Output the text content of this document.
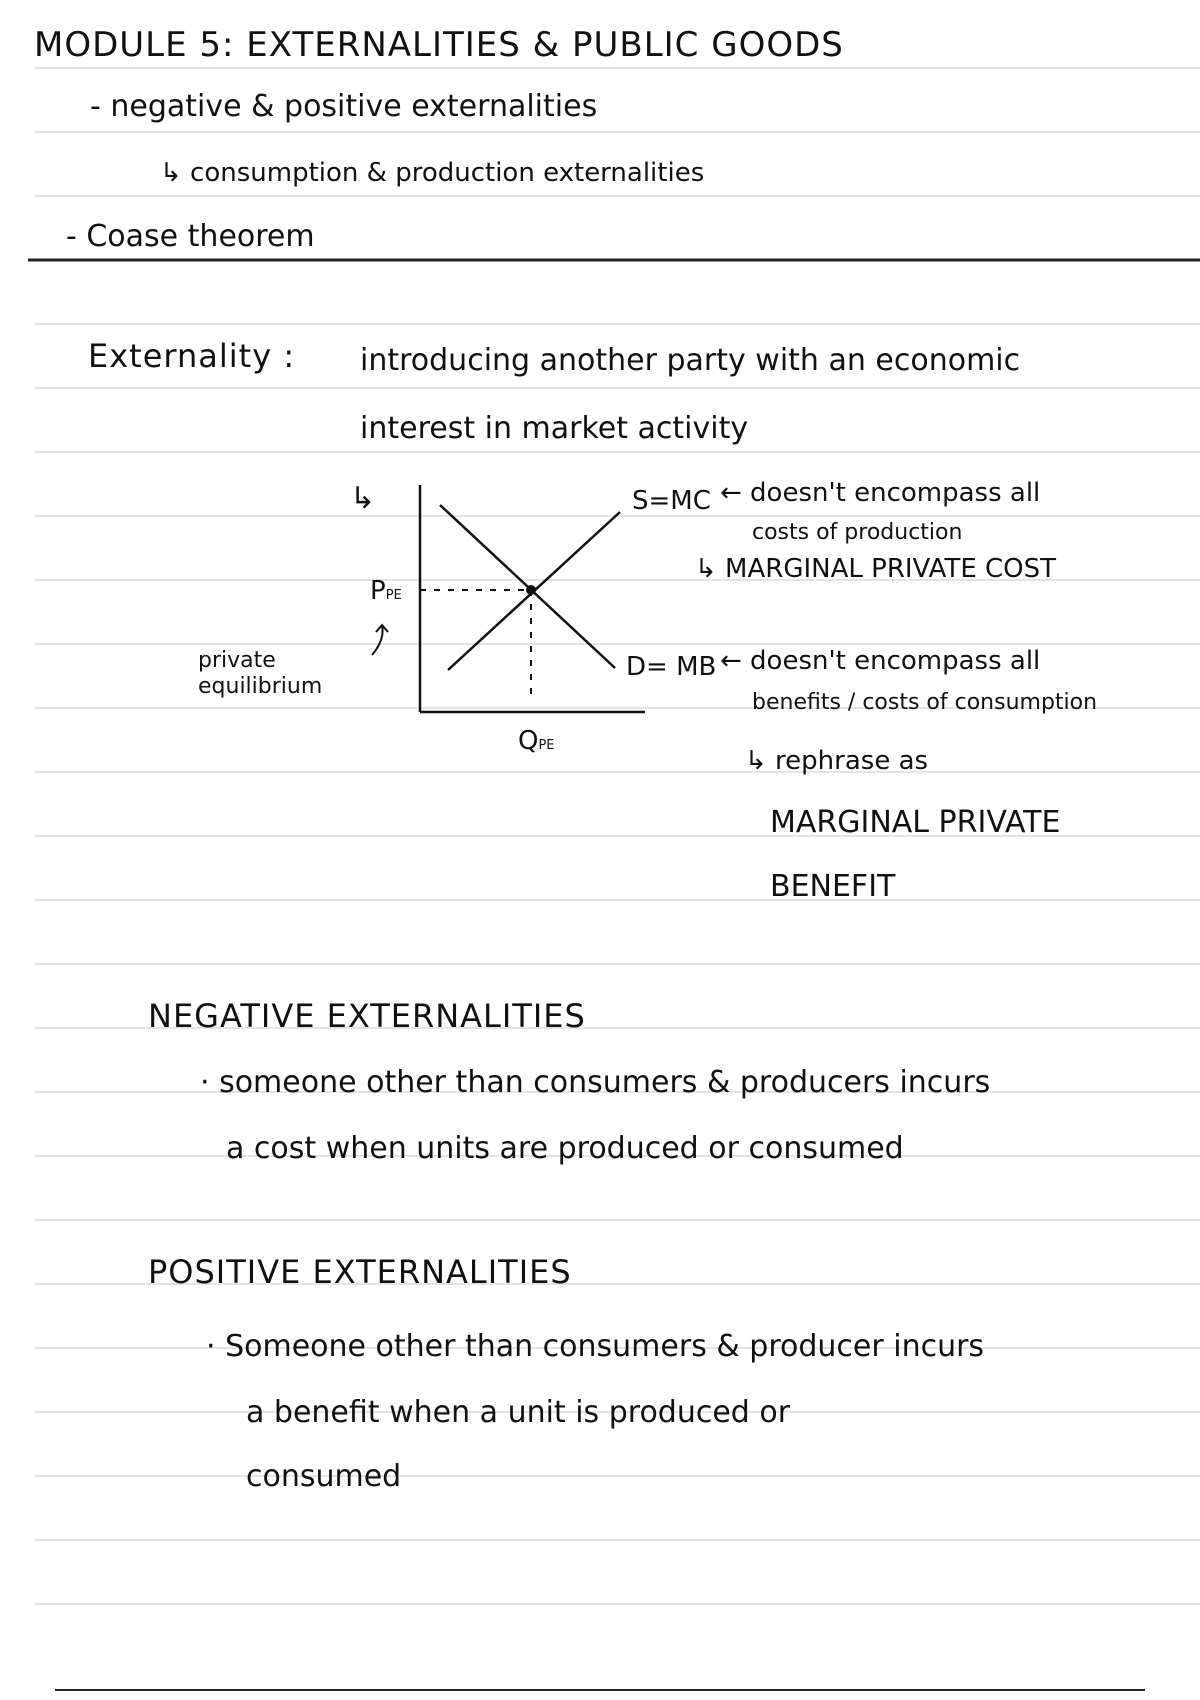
MODULE 5: EXTERNALITIES & PUBLIC GOODS
- negative & positive externalities
↳ consumption & production externalities
- Coase theorem
Externality : introducing another party with an economic
interest in market activity
↳
PPE
QPE
private
equilibrium
S=MC ← doesn't encompass all
costs of production
↳ MARGINAL PRIVATE COST
D= MB ← doesn't encompass all
benefits / costs of consumption
↳ rephrase as
MARGINAL PRIVATE
BENEFIT
NEGATIVE EXTERNALITIES
· someone other than consumers & producers incurs
a cost when units are produced or consumed
POSITIVE EXTERNALITIES
· Someone other than consumers & producer incurs
a benefit when a unit is produced or
consumed
